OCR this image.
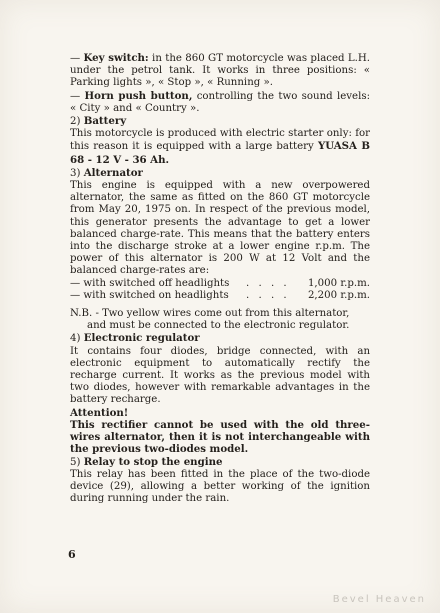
— Key switch: in the 860 GT motorcycle was placed L.H. under the petrol tank. It works in three positions: « Parking lights », « Stop », « Running ».

— Horn push button, controlling the two sound levels: « City » and « Country ».

2) Battery

This motorcycle is produced with electric starter only: for this reason it is equipped with a large battery YUASA B 68 - 12 V - 36 Ah.

3) Alternator

This engine is equipped with a new overpowered alternator, the same as fitted on the 860 GT motorcycle from May 20, 1975 on. In respect of the previous model, this generator presents the advantage to get a lower balanced charge-rate. This means that the battery enters into the discharge stroke at a lower engine r.p.m. The power of this alternator is 200 W at 12 Volt and the balanced charge-rates are:

— with switched off headlights	. . . .	1,000 r.p.m.
— with switched on headlights	. . . .	2,200 r.p.m.

N.B. - Two yellow wires come out from this alternator,

and must be connected to the electronic regulator.

4) Electronic regulator

It contains four diodes, bridge connected, with an electronic equipment to automatically rectify the recharge current. It works as the previous model with two diodes, however with remarkable advantages in the battery recharge.

Attention!

This rectifier cannot be used with the old three-wires alternator, then it is not interchangeable with the previous two-diodes model.

5) Relay to stop the engine

This relay has been fitted in the place of the two-diode device (29), allowing a better working of the ignition during running under the rain.

6
Bevel Heaven
